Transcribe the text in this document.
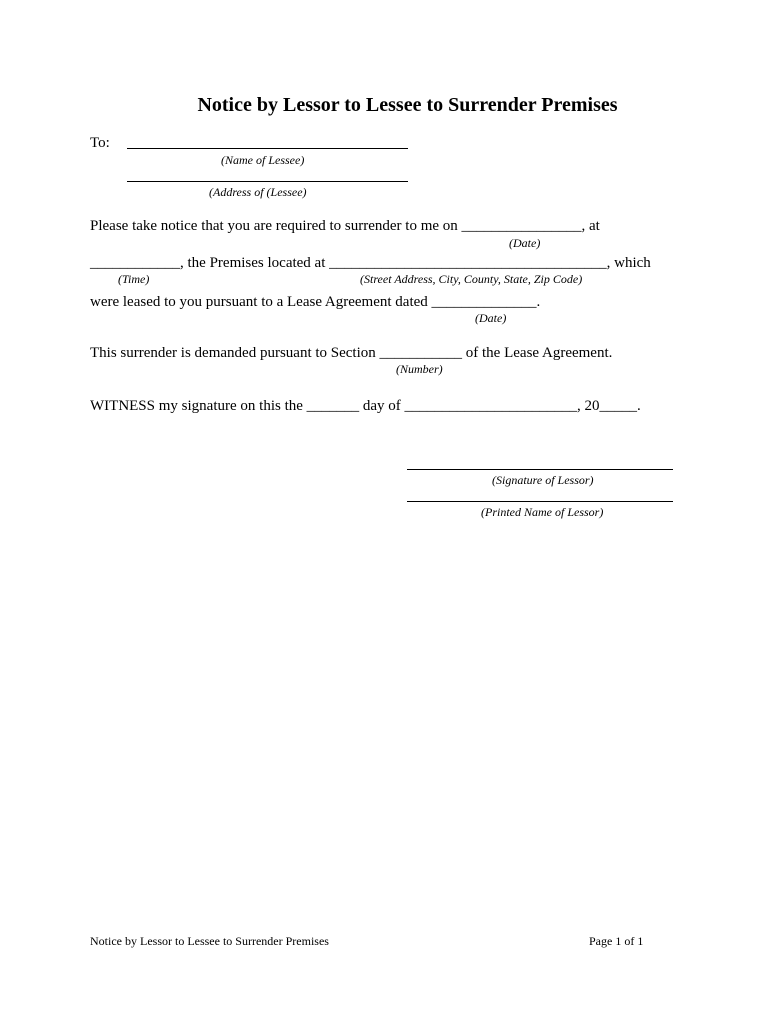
Notice by Lessor to Lessee to Surrender Premises
To:
(Name of Lessee)
(Address of (Lessee)
Please take notice that you are required to surrender to me on ________________, at
(Date)
____________, the Premises located at _____________________________________, which
(Time)	(Street Address, City, County, State, Zip Code)
were leased to you pursuant to a Lease Agreement dated ______________.
(Date)
This surrender is demanded pursuant to Section ___________ of the Lease Agreement.
(Number)
WITNESS my signature on this the _______ day of _______________________, 20_____.
(Signature of Lessor)
(Printed Name of Lessor)
Notice by Lessor to Lessee to Surrender Premises	Page 1 of 1
